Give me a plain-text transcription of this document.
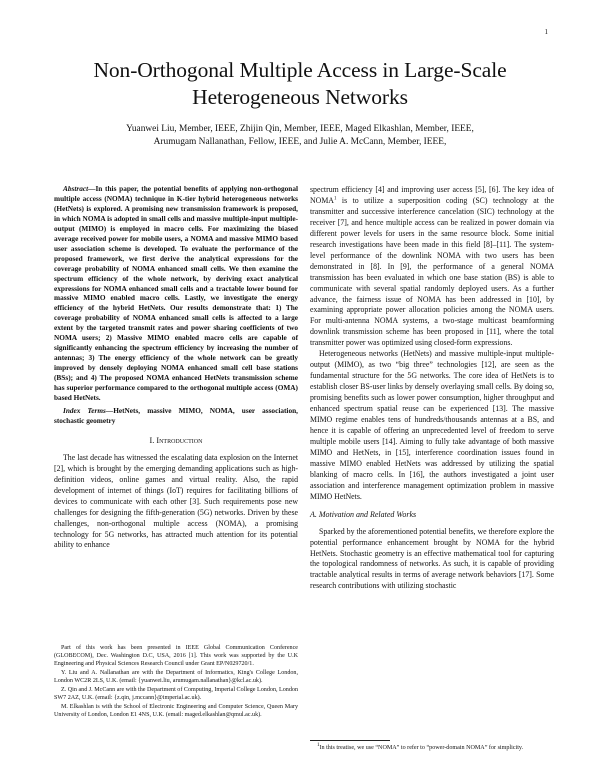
1
Non-Orthogonal Multiple Access in Large-Scale Heterogeneous Networks
Yuanwei Liu, Member, IEEE, Zhijin Qin, Member, IEEE, Maged Elkashlan, Member, IEEE,
Arumugam Nallanathan, Fellow, IEEE, and Julie A. McCann, Member, IEEE,

Abstract—In this paper, the potential benefits of applying non-orthogonal multiple access (NOMA) technique in K-tier hybrid heterogeneous networks (HetNets) is explored. A promising new transmission framework is proposed, in which NOMA is adopted in small cells and massive multiple-input multiple-output (MIMO) is employed in macro cells. For maximizing the biased average received power for mobile users, a NOMA and massive MIMO based user association scheme is developed. To evaluate the performance of the proposed framework, we first derive the analytical expressions for the coverage probability of NOMA enhanced small cells. We then examine the spectrum efficiency of the whole network, by deriving exact analytical expressions for NOMA enhanced small cells and a tractable lower bound for massive MIMO enabled macro cells. Lastly, we investigate the energy efficiency of the hybrid HetNets. Our results demonstrate that: 1) The coverage probability of NOMA enhanced small cells is affected to a large extent by the targeted transmit rates and power sharing coefficients of two NOMA users; 2) Massive MIMO enabled macro cells are capable of significantly enhancing the spectrum efficiency by increasing the number of antennas; 3) The energy efficiency of the whole network can be greatly improved by densely deploying NOMA enhanced small cell base stations (BSs); and 4) The proposed NOMA enhanced HetNets transmission scheme has superior performance compared to the orthogonal multiple access (OMA) based HetNets.

Index Terms—HetNets, massive MIMO, NOMA, user association, stochastic geometry

I. Introduction

The last decade has witnessed the escalating data explosion on the Internet [2], which is brought by the emerging demanding applications such as high-definition videos, online games and virtual reality. Also, the rapid development of internet of things (IoT) requires for facilitating billions of devices to communicate with each other [3]. Such requirements pose new challenges for designing the fifth-generation (5G) networks. Driven by these challenges, non-orthogonal multiple access (NOMA), a promising technology for 5G networks, has attracted much attention for its potential ability to enhance

Part of this work has been presented in IEEE Global Communication Conference (GLOBECOM), Dec. Washington D.C, USA, 2016 [1]. This work was supported by the U.K Engineering and Physical Sciences Research Council under Grant EP/N029720/1.

Y. Liu and A. Nallanathan are with the Department of Informatics, King's College London, London WC2R 2LS, U.K. (email: {yuanwei.liu, arumugam.nallanathan}@kcl.ac.uk).

Z. Qin and J. McCann are with the Department of Computing, Imperial College London, London SW7 2AZ, U.K. (email: {z.qin, j.mccann}@imperial.ac.uk).

M. Elkashlan is with the School of Electronic Engineering and Computer Science, Queen Mary University of London, London E1 4NS, U.K. (email: maged.elkashlan@qmul.ac.uk).

spectrum efficiency [4] and improving user access [5], [6]. The key idea of NOMA$^1$ is to utilize a superposition coding (SC) technology at the transmitter and successive interference cancelation (SIC) technology at the receiver [7], and hence multiple access can be realized in power domain via different power levels for users in the same resource block. Some initial research investigations have been made in this field [8]–[11]. The system-level performance of the downlink NOMA with two users has been demonstrated in [8]. In [9], the performance of a general NOMA transmission has been evaluated in which one base station (BS) is able to communicate with several spatial randomly deployed users. As a further advance, the fairness issue of NOMA has been addressed in [10], by examining appropriate power allocation policies among the NOMA users. For multi-antenna NOMA systems, a two-stage multicast beamforming downlink transmission scheme has been proposed in [11], where the total transmitter power was optimized using closed-form expressions.

Heterogeneous networks (HetNets) and massive multiple-input multiple-output (MIMO), as two “big three” technologies [12], are seen as the fundamental structure for the 5G networks. The core idea of HetNets is to establish closer BS-user links by densely overlaying small cells. By doing so, promising benefits such as lower power consumption, higher throughput and enhanced spectrum spatial reuse can be experienced [13]. The massive MIMO regime enables tens of hundreds/thousands antennas at a BS, and hence it is capable of offering an unprecedented level of freedom to serve multiple mobile users [14]. Aiming to fully take advantage of both massive MIMO and HetNets, in [15], interference coordination issues found in massive MIMO enabled HetNets was addressed by utilizing the spatial blanking of macro cells. In [16], the authors investigated a joint user association and interference management optimization problem in massive MIMO HetNets.

A. Motivation and Related Works

Sparked by the aforementioned potential benefits, we therefore explore the potential performance enhancement brought by NOMA for the hybrid HetNets. Stochastic geometry is an effective mathematical tool for capturing the topological randomness of networks. As such, it is capable of providing tractable analytical results in terms of average network behaviors [17]. Some research contributions with utilizing stochastic

$^1$In this treatise, we use “NOMA” to refer to “power-domain NOMA” for simplicity.
